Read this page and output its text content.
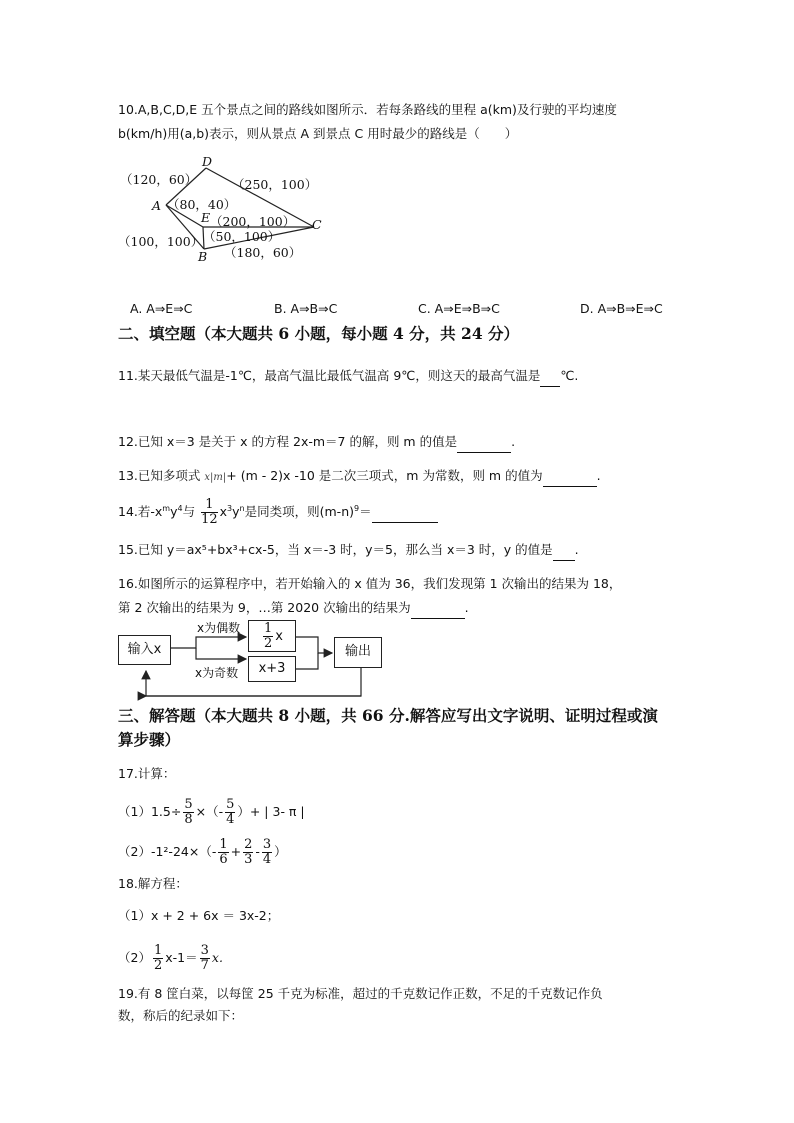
10.A,B,C,D,E 五个景点之间的路线如图所示．若每条路线的里程 a(km)及行驶的平均速度
b(km/h)用(a,b)表示，则从景点 A 到景点 C 用时最少的路线是（　　）
D
A
E	C
B
（120，60）	（250，100）
（80，40）
（200，100）
（50，100）
（100，100）
（180，60）
A. A⇒E⇒C	B. A⇒B⇒C	C. A⇒E⇒B⇒C	D. A⇒B⇒E⇒C
二、填空题（本大题共 6 小题，每小题 4 分，共 24 分）
11.某天最低气温是-1℃，最高气温比最低气温高 9℃，则这天的最高气温是 ℃.
12.已知 x＝3 是关于 x 的方程 2x-m＝7 的解，则 m 的值是	.
13.已知多项式 x|m|+ (m - 2)x -10 是二次三项式，m 为常数，则 m 的值为	.
14.若$-x^my^4$与 $\frac{1}{12} x^3y^n$是同类项，则$(m-n)^9=$
15.已知 y＝ax⁵+bx³+cx-5，当 x＝-3 时，y＝5，那么当 x＝3 时，y 的值是 .
16.如图所示的运算程序中，若开始输入的 x 值为 36，我们发现第 1 次输出的结果为 18，
第 2 次输出的结果为 9，…第 2020 次输出的结果为	.
输入x
x为偶数
x为奇数
$\frac{1}{2}$ x
x+3
输出
三、解答题（本大题共 8 小题，共 66 分.解答应写出文字说明、证明过程或演
算步骤）
17.计算：
$(1)1.5\div \frac{5}{8}$ ×（- $\frac{5}{4}$ ）+ | 3- π |
$(2)-1^2-24\times(- \frac{1}{6} + \frac{2}{3} - \frac{3}{4}$ ）
18.解方程：
（1）x + 2 + 6x ＝ 3x-2；
$(2) \frac{1}{2} x-1= \frac{3}{7} x$.
19.有 8 筐白菜，以每筐 25 千克为标准，超过的千克数记作正数，不足的千克数记作负
数，称后的纪录如下：
